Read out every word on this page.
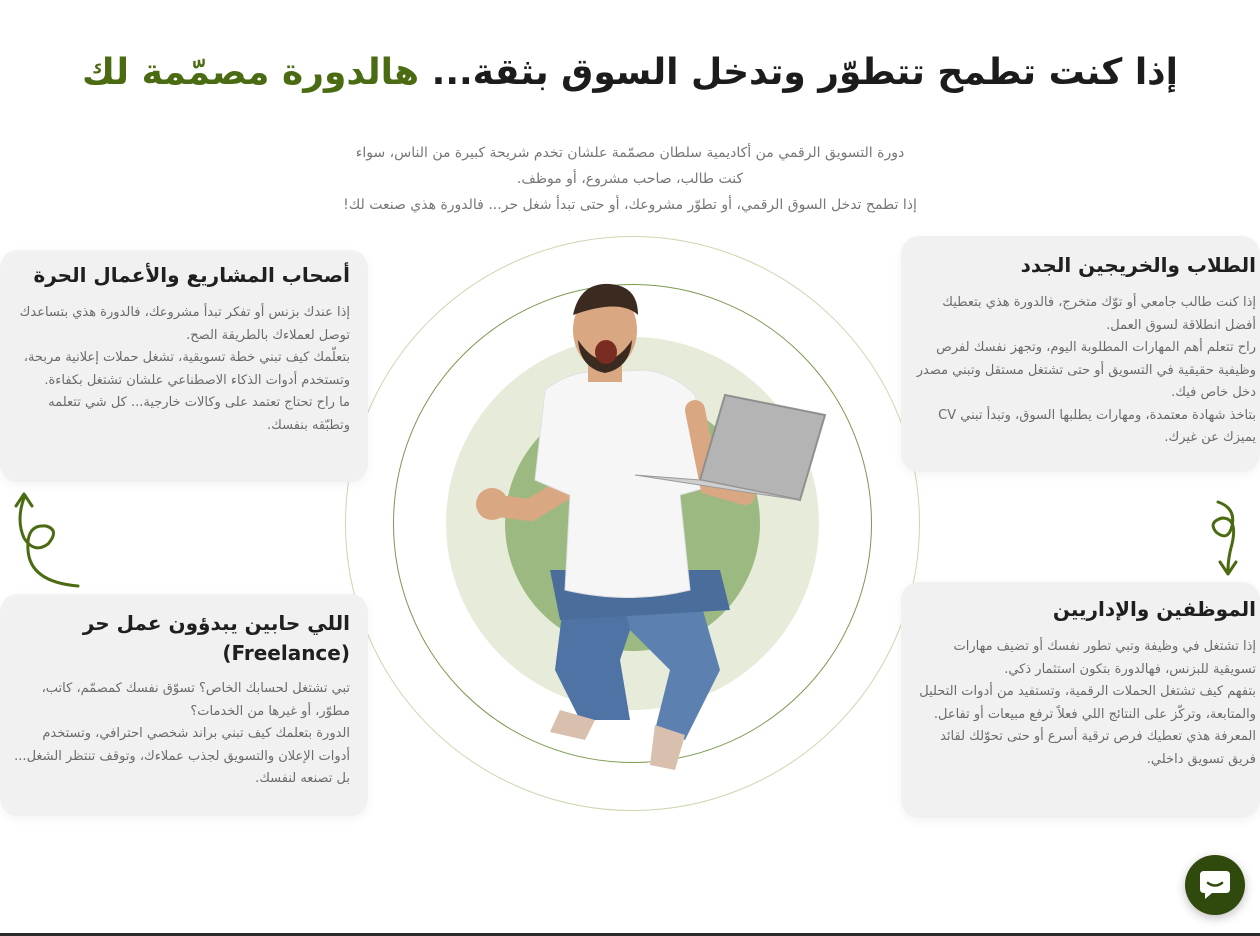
إذا كنت تطمح تتطوّر وتدخل السوق بثقة... هالدورة مصمّمة لك

دورة التسويق الرقمي من أكاديمية سلطان مصمّمة علشان تخدم شريحة كبيرة من الناس، سواء

كنت طالب، صاحب مشروع، أو موظف.

إذا تطمح تدخل السوق الرقمي، أو تطوّر مشروعك، أو حتى تبدأ شغل حر... فالدورة هذي صنعت لك!

أصحاب المشاريع والأعمال الحرة

إذا عندك بزنس أو تفكر تبدأ مشروعك، فالدورة هذي بتساعدك توصل لعملاءك بالطريقة الصح.

بتعلّمك كيف تبني خطة تسويقية، تشغل حملات إعلانية مربحة، وتستخدم أدوات الذكاء الاصطناعي علشان تشتغل بكفاءة.

ما راح تحتاج تعتمد على وكالات خارجية... كل شي تتعلمه وتطبّقه بنفسك.

الطلاب والخريجين الجدد

إذا كنت طالب جامعي أو توّك متخرج، فالدورة هذي بتعطيك أفضل انطلاقة لسوق العمل.

راح تتعلم أهم المهارات المطلوبة اليوم، وتجهز نفسك لفرص وظيفية حقيقية في التسويق أو حتى تشتغل مستقل وتبني مصدر دخل خاص فيك.

بتاخذ شهادة معتمدة، ومهارات يطلبها السوق، وتبدأ تبني CV يميزك عن غيرك.

اللي حابين يبدؤون عمل حر
(Freelance)

تبي تشتغل لحسابك الخاص؟ تسوّق نفسك كمصمّم، كاتب، مطوّر، أو غيرها من الخدمات؟

الدورة بتعلمك كيف تبني براند شخصي احترافي، وتستخدم أدوات الإعلان والتسويق لجذب عملاءك، وتوقف تنتظر الشغل... بل تصنعه لنفسك.

الموظفين والإداريين

إذا تشتغل في وظيفة وتبي تطور نفسك أو تضيف مهارات تسويقية للبزنس، فهالدورة بتكون استثمار ذكي.

بتفهم كيف تشتغل الحملات الرقمية، وتستفيد من أدوات التحليل والمتابعة، وتركّز على النتائج اللي فعلاً ترفع مبيعات أو تفاعل.

المعرفة هذي تعطيك فرص ترقية أسرع أو حتى تحوّلك لقائد فريق تسويق داخلي.
